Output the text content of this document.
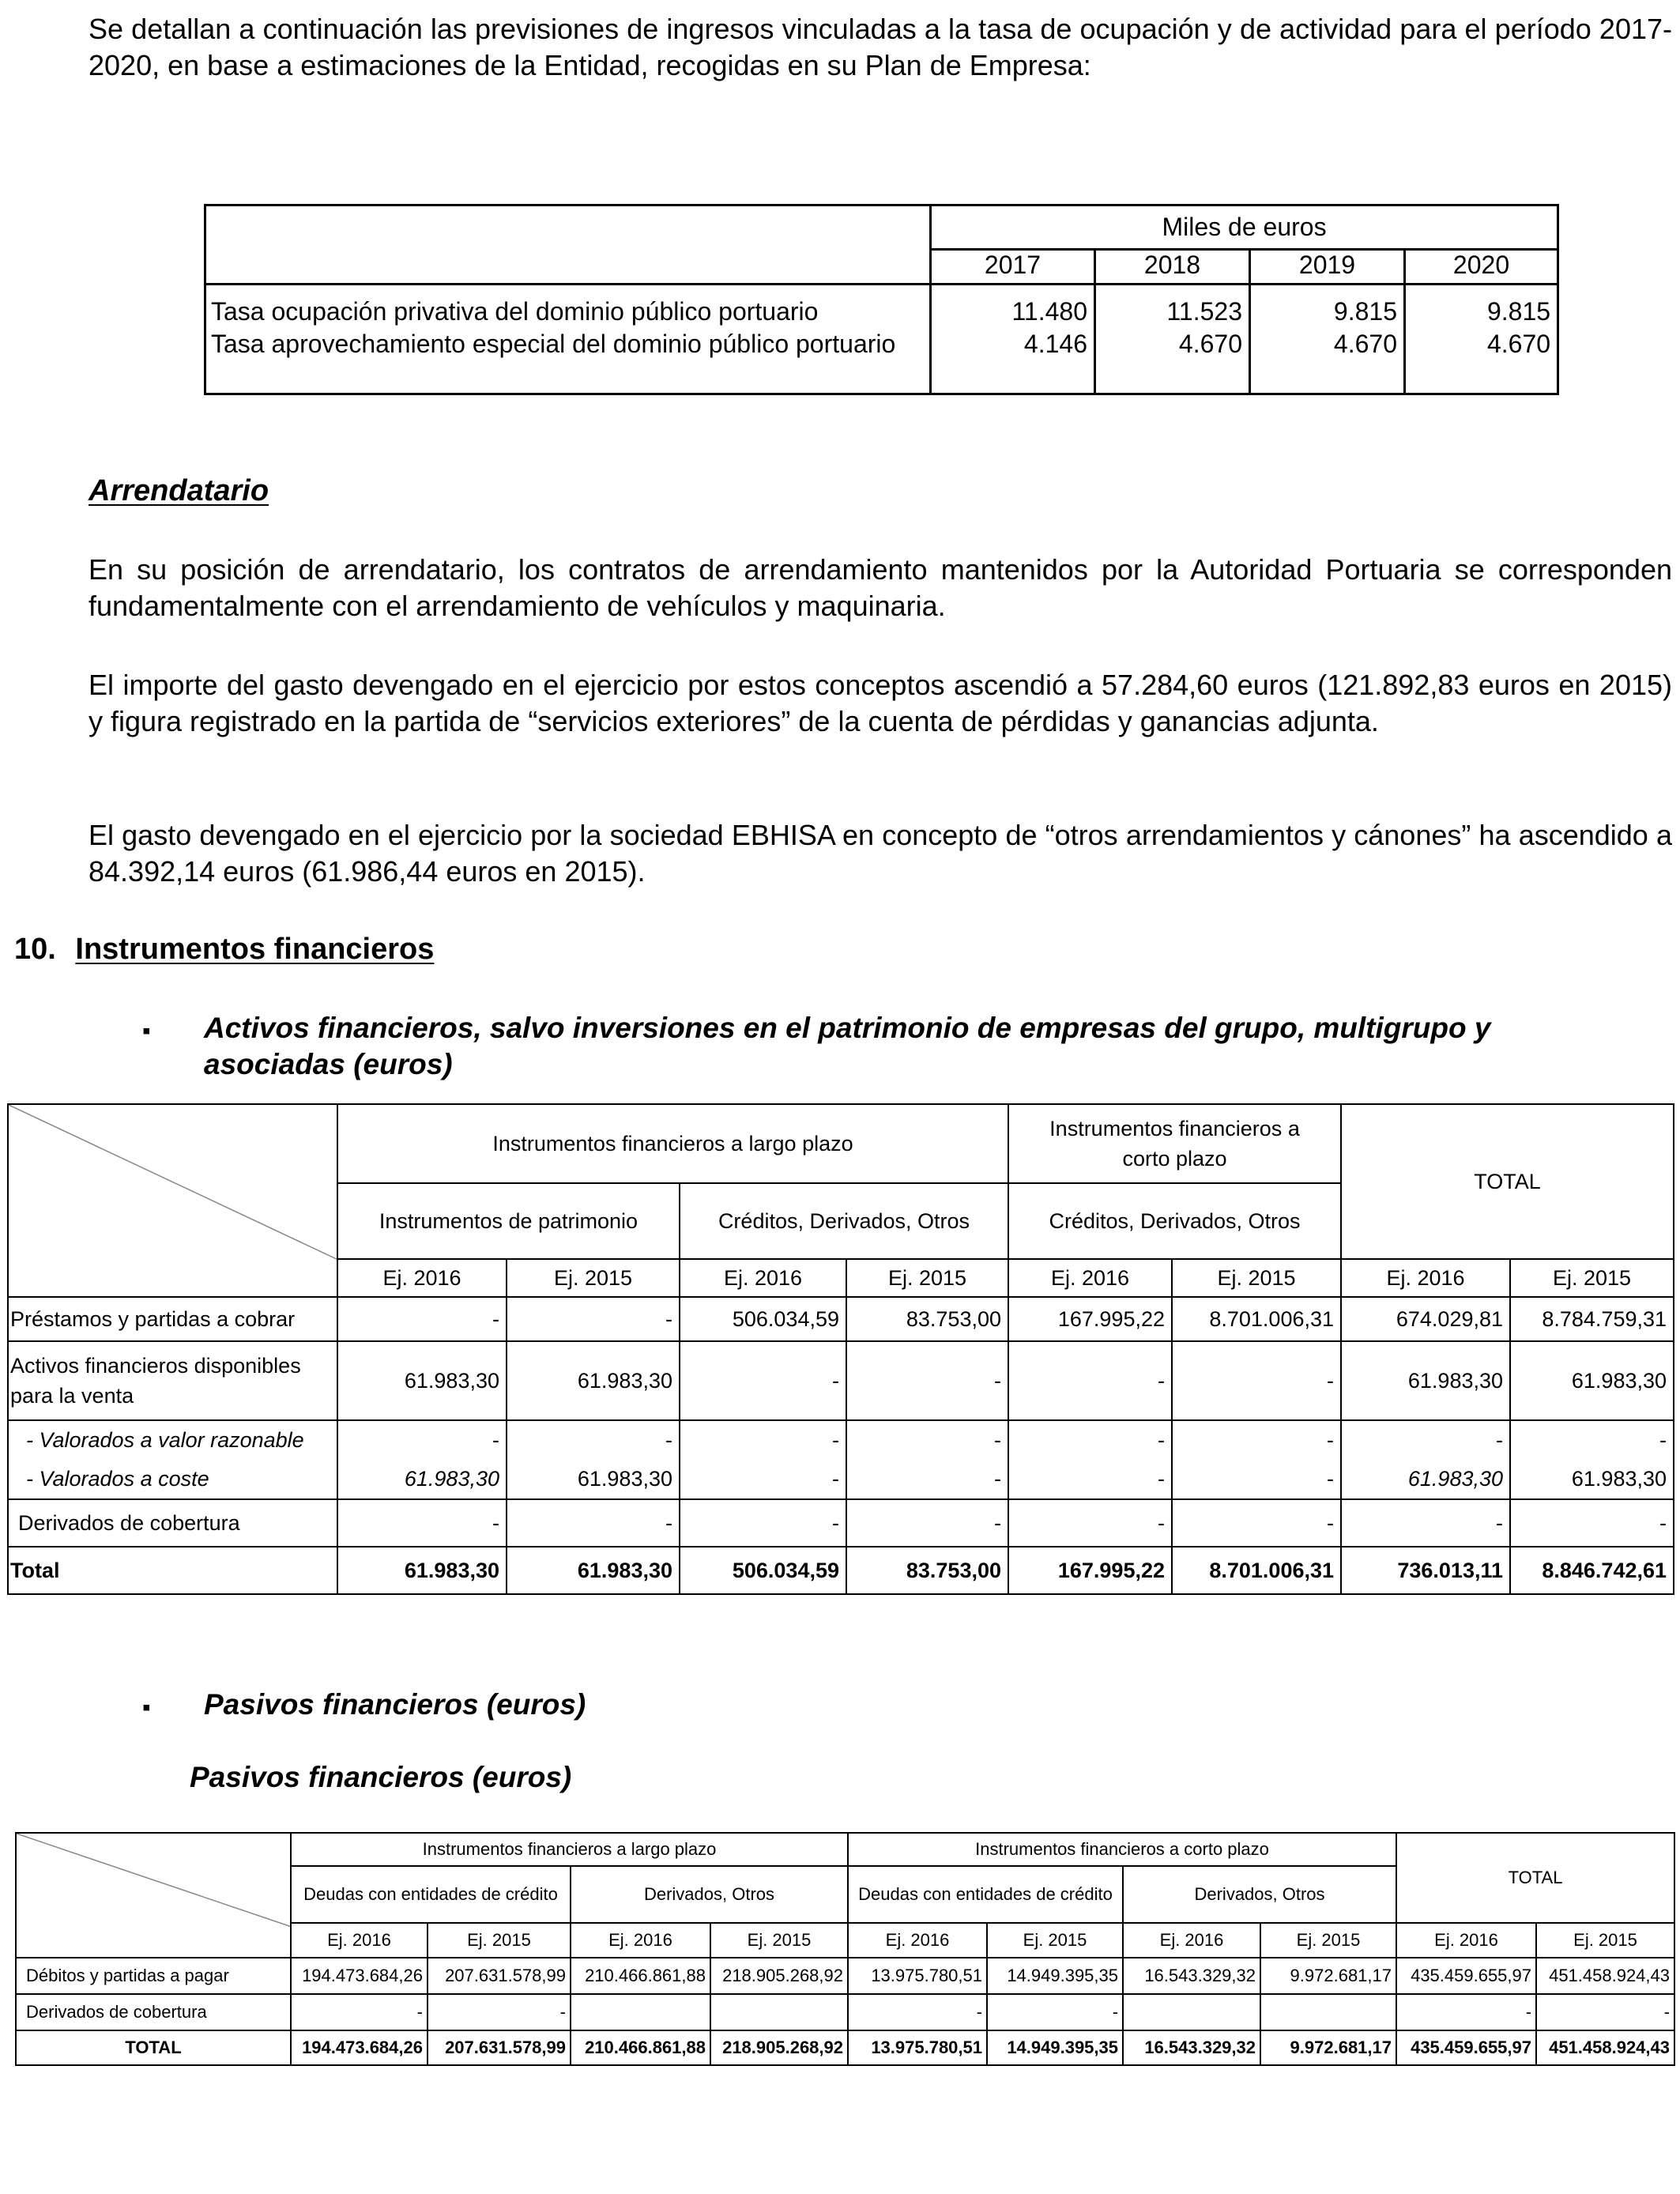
Se detallan a continuación las previsiones de ingresos vinculadas a la tasa de ocupación y de actividad para el período 2017-2020, en base a estimaciones de la Entidad, recogidas en su Plan de Empresa:

	Miles de euros			
	2017	2018	2019	2020

Tasa ocupación privativa del dominio público portuario	11.480	11.523	9.815	9.815
Tasa aprovechamiento especial del dominio público portuario	4.146	4.670	4.670	4.670

Arrendatario

En su posición de arrendatario, los contratos de arrendamiento mantenidos por la Autoridad Portuaria se corresponden fundamentalmente con el arrendamiento de vehículos y maquinaria.

El importe del gasto devengado en el ejercicio por estos conceptos ascendió a 57.284,60 euros (121.892,83 euros en 2015) y figura registrado en la partida de “servicios exteriores” de la cuenta de pérdidas y ganancias adjunta.

El gasto devengado en el ejercicio por la sociedad EBHISA en concepto de “otros arrendamientos y cánones” ha ascendido a 84.392,14 euros (61.986,44 euros en 2015).

10. Instrumentos financieros

▪ Activos financieros, salvo inversiones en el patrimonio de empresas del grupo, multigrupo y

asociadas (euros)

	Instrumentos financieros a largo plazo				Instrumentos financieros a corto plazo		TOTAL	
	Instrumentos de patrimonio		Créditos, Derivados, Otros		Créditos, Derivados, Otros			
	Ej. 2016	Ej. 2015	Ej. 2016	Ej. 2015	Ej. 2016	Ej. 2015	Ej. 2016	Ej. 2015
Préstamos y partidas a cobrar	-	-	506.034,59	83.753,00	167.995,22	8.701.006,31	674.029,81	8.784.759,31
Activos financieros disponibles para la venta	61.983,30	61.983,30	-	-	-	-	61.983,30	61.983,30
- Valorados a valor razonable	-	-	-	-	-	-	-	-
- Valorados a coste	61.983,30	61.983,30	-	-	-	-	61.983,30	61.983,30
Derivados de cobertura	-	-	-	-	-	-	-	-
Total	61.983,30	61.983,30	506.034,59	83.753,00	167.995,22	8.701.006,31	736.013,11	8.846.742,61
▪ Pasivos financieros (euros)

Pasivos financieros (euros)

	Instrumentos financieros a largo plazo				Instrumentos financieros a corto plazo				TOTAL	
	Deudas con entidades de crédito		Derivados, Otros		Deudas con entidades de crédito		Derivados, Otros			
	Ej. 2016	Ej. 2015	Ej. 2016	Ej. 2015	Ej. 2016	Ej. 2015	Ej. 2016	Ej. 2015	Ej. 2016	Ej. 2015
Débitos y partidas a pagar	194.473.684,26	207.631.578,99	210.466.861,88	218.905.268,92	13.975.780,51	14.949.395,35	16.543.329,32	9.972.681,17	435.459.655,97	451.458.924,43
Derivados de cobertura	-	-			-	-			-	-
TOTAL	194.473.684,26	207.631.578,99	210.466.861,88	218.905.268,92	13.975.780,51	14.949.395,35	16.543.329,32	9.972.681,17	435.459.655,97	451.458.924,43
